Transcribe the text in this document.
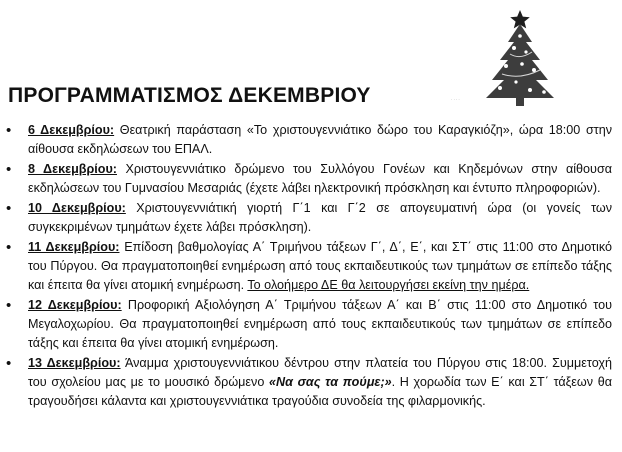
ΠΡΟΓΡΑΜΜΑΤΙΣΜΟΣ ΔΕΚΕΜΒΡΙΟΥ	· · · ·
• 6 Δεκεμβρίου: Θεατρική παράσταση «Το χριστουγεννιάτικο δώρο του Καραγκιόζη», ώρα 18:00 στην αίθουσα εκδηλώσεων του ΕΠΑΛ.
• 8 Δεκεμβρίου: Χριστουγεννιάτικο δρώμενο του Συλλόγου Γονέων και Κηδεμόνων στην αίθουσα εκδηλώσεων του Γυμνασίου Μεσαριάς (έχετε λάβει ηλεκτρονική πρόσκληση και έντυπο πληροφοριών).
• 10 Δεκεμβρίου: Χριστουγεννιάτική γιορτή Γ΄1 και Γ΄2 σε απογευματινή ώρα (οι γονείς των συγκεκριμένων τμημάτων έχετε λάβει πρόσκληση).
• 11 Δεκεμβρίου: Επίδοση βαθμολογίας Α΄ Τριμήνου τάξεων Γ΄, Δ΄, Ε΄, και ΣΤ΄ στις 11:00 στο Δημοτικό του Πύργου. Θα πραγματοποιηθεί ενημέρωση από τους εκπαιδευτικούς των τμημάτων σε επίπεδο τάξης και έπειτα θα γίνει ατομική ενημέρωση. Το ολοήμερο ΔΕ θα λειτουργήσει εκείνη την ημέρα.
• 12 Δεκεμβρίου: Προφορική Αξιολόγηση Α΄ Τριμήνου τάξεων Α΄ και Β΄ στις 11:00 στο Δημοτικό του Μεγαλοχωρίου. Θα πραγματοποιηθεί ενημέρωση από τους εκπαιδευτικούς των τμημάτων σε επίπεδο τάξης και έπειτα θα γίνει ατομική ενημέρωση.
• 13 Δεκεμβρίου: Άναμμα χριστουγεννιάτικου δέντρου στην πλατεία του Πύργου στις 18:00. Συμμετοχή του σχολείου μας με το μουσικό δρώμενο «Να σας τα πούμε;». Η χορωδία των Ε΄ και ΣΤ΄ τάξεων θα τραγουδήσει κάλαντα και χριστουγεννιάτικα τραγούδια συνοδεία της φιλαρμονικής.
